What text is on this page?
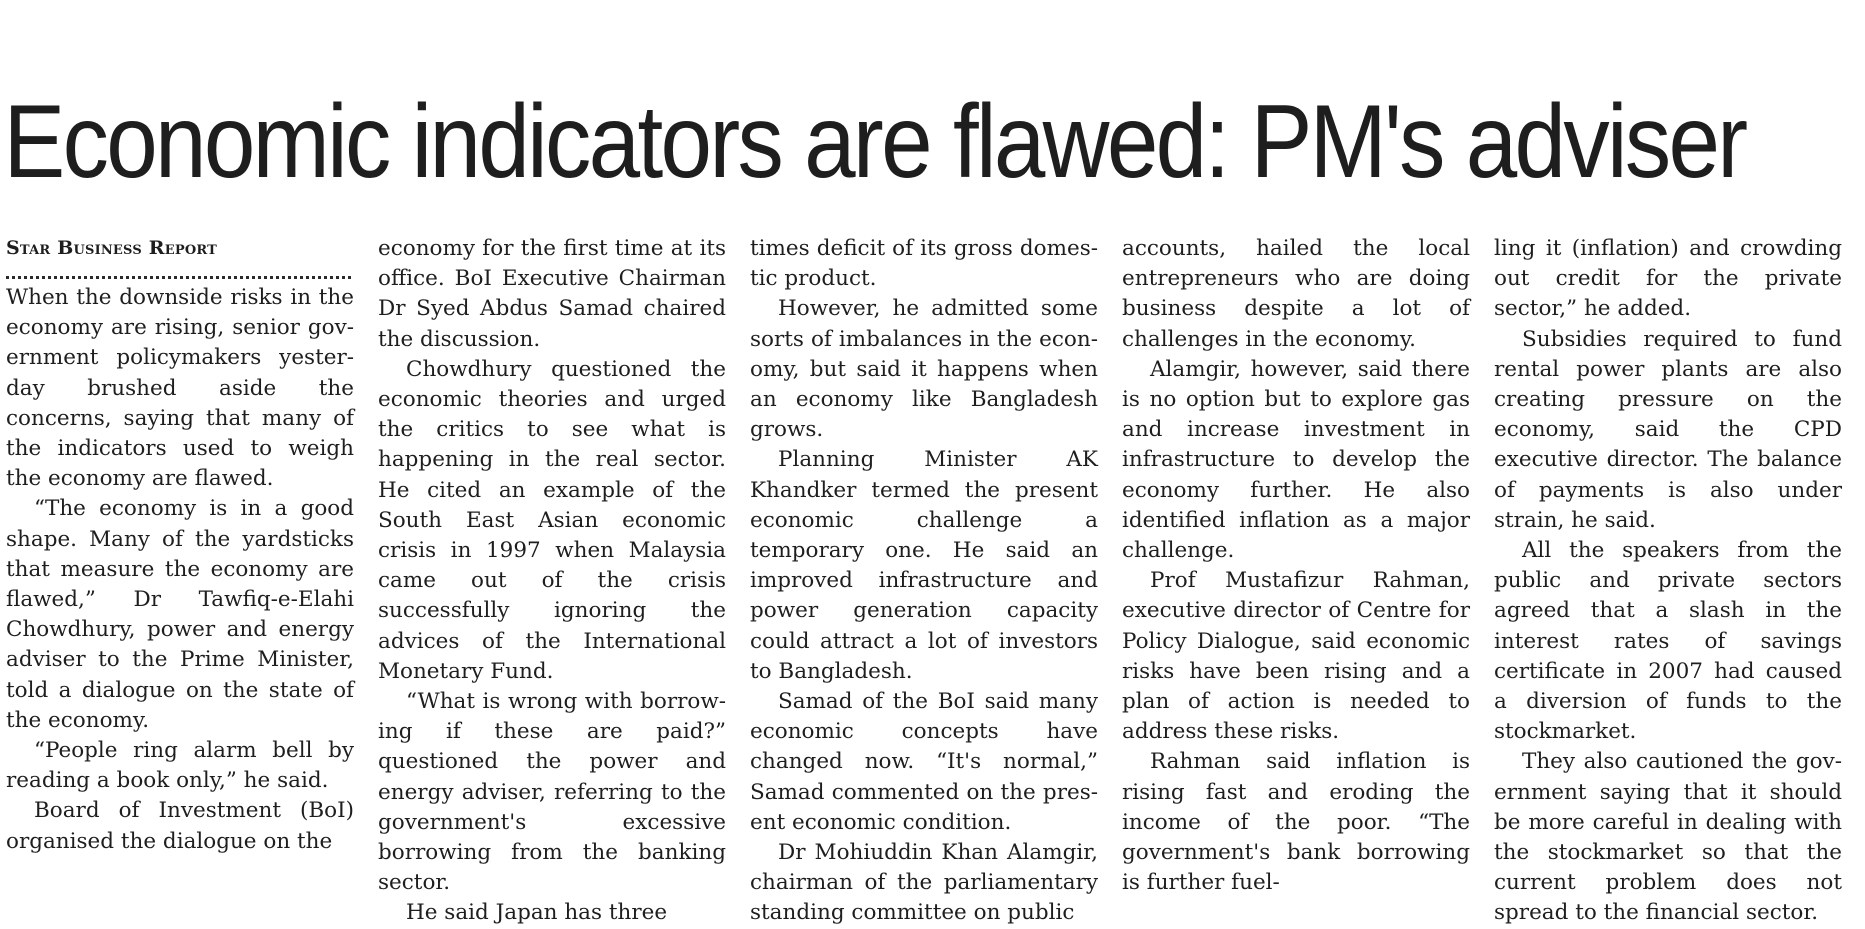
Economic indicators are flawed: PM's adviser

Star Business Report

When the downside risks in the economy are rising, senior government policymakers yesterday brushed aside the concerns, saying that many of the indicators used to weigh the economy are flawed.

“The economy is in a good shape. Many of the yardsticks that measure the economy are flawed,” Dr Tawfiq-e-Elahi Chowdhury, power and energy adviser to the Prime Minister, told a dialogue on the state of the economy.

“People ring alarm bell by reading a book only,” he said.

Board of Investment (BoI) organised the dialogue on the

economy for the first time at its office. BoI Executive Chairman Dr Syed Abdus Samad chaired the discussion.

Chowdhury questioned the economic theories and urged the critics to see what is happening in the real sector. He cited an example of the South East Asian economic crisis in 1997 when Malaysia came out of the crisis successfully ignoring the advices of the International Monetary Fund.

“What is wrong with borrowing if these are paid?” questioned the power and energy adviser, referring to the government's excessive borrowing from the banking sector.

He said Japan has three

times deficit of its gross domestic product.

However, he admitted some sorts of imbalances in the economy, but said it happens when an economy like Bangladesh grows.

Planning Minister AK Khandker termed the present economic challenge a temporary one. He said an improved infrastructure and power generation capacity could attract a lot of investors to Bangladesh.

Samad of the BoI said many economic concepts have changed now. “It's normal,” Samad commented on the present economic condition.

Dr Mohiuddin Khan Alamgir, chairman of the parliamentary standing committee on public

accounts, hailed the local entrepreneurs who are doing business despite a lot of challenges in the economy.

Alamgir, however, said there is no option but to explore gas and increase investment in infrastructure to develop the economy further. He also identified inflation as a major challenge.

Prof Mustafizur Rahman, executive director of Centre for Policy Dialogue, said economic risks have been rising and a plan of action is needed to address these risks.

Rahman said inflation is rising fast and eroding the income of the poor. “The government's bank borrowing is further fuel-

ling it (inflation) and crowding out credit for the private sector,” he added.

Subsidies required to fund rental power plants are also creating pressure on the economy, said the CPD executive director. The balance of payments is also under strain, he said.

All the speakers from the public and private sectors agreed that a slash in the interest rates of savings certificate in 2007 had caused a diversion of funds to the stockmarket.

They also cautioned the government saying that it should be more careful in dealing with the stockmarket so that the current problem does not spread to the financial sector.
